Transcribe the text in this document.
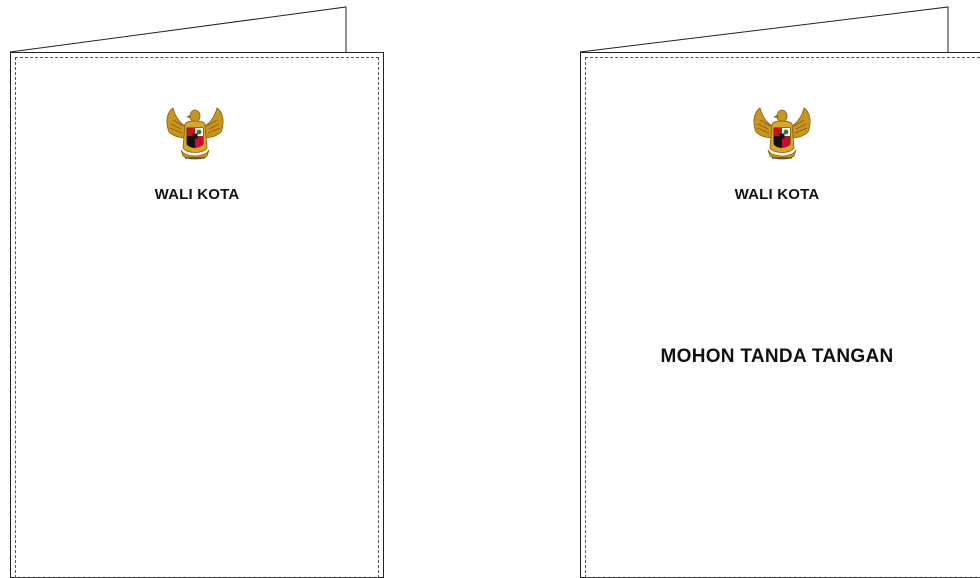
WALI KOTA	WALI KOTA
MOHON TANDA TANGAN
